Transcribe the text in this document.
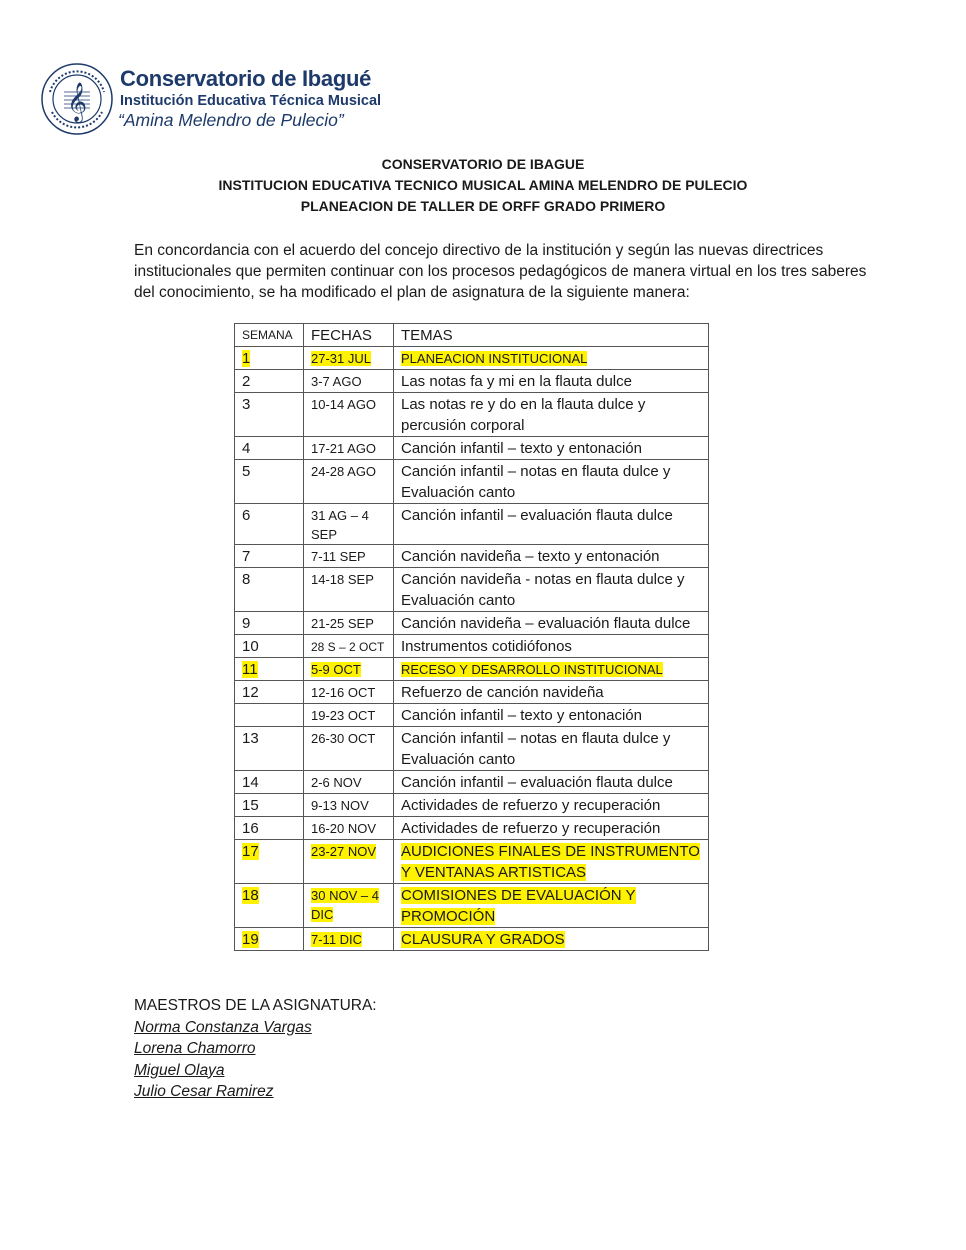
𝄞
Conservatorio de Ibagué
Institución Educativa Técnica Musical
“Amina Melendro de Pulecio”
CONSERVATORIO DE IBAGUE
INSTITUCION EDUCATIVA TECNICO MUSICAL AMINA MELENDRO DE PULECIO
PLANEACION DE TALLER DE ORFF GRADO PRIMERO

En concordancia con el acuerdo del concejo directivo de la institución y según las nuevas directrices

institucionales que permiten continuar con los procesos pedagógicos de manera virtual en los tres saberes

del conocimiento, se ha modificado el plan de asignatura de la siguiente manera:

SEMANA	FECHAS	TEMAS
1	27-31 JUL	PLANEACION INSTITUCIONAL
2	3-7 AGO	Las notas fa y mi en la flauta dulce
3	10-14 AGO	Las notas re y do en la flauta dulce y percusión corporal
4	17-21 AGO	Canción infantil – texto y entonación
5	24-28 AGO	Canción infantil – notas en flauta dulce y Evaluación canto
6	31 AG – 4 SEP	Canción infantil – evaluación flauta dulce
7	7-11 SEP	Canción navideña – texto y entonación
8	14-18 SEP	Canción navideña - notas en flauta dulce y Evaluación canto
9	21-25 SEP	Canción navideña – evaluación flauta dulce
10	28 S – 2 OCT	Instrumentos cotidiófonos
11	5-9 OCT	RECESO Y DESARROLLO INSTITUCIONAL
12	12-16 OCT	Refuerzo de canción navideña
	19-23 OCT	Canción infantil – texto y entonación
13	26-30 OCT	Canción infantil – notas en flauta dulce y Evaluación canto
14	2-6 NOV	Canción infantil – evaluación flauta dulce
15	9-13 NOV	Actividades de refuerzo y recuperación
16	16-20 NOV	Actividades de refuerzo y recuperación
17	23-27 NOV	AUDICIONES FINALES DE INSTRUMENTO Y VENTANAS ARTISTICAS
18	30 NOV – 4 DIC	COMISIONES DE EVALUACIÓN Y PROMOCIÓN
19	7-11 DIC	CLAUSURA Y GRADOS
MAESTROS DE LA ASIGNATURA:
Norma Constanza Vargas
Lorena Chamorro
Miguel Olaya
Julio Cesar Ramirez
